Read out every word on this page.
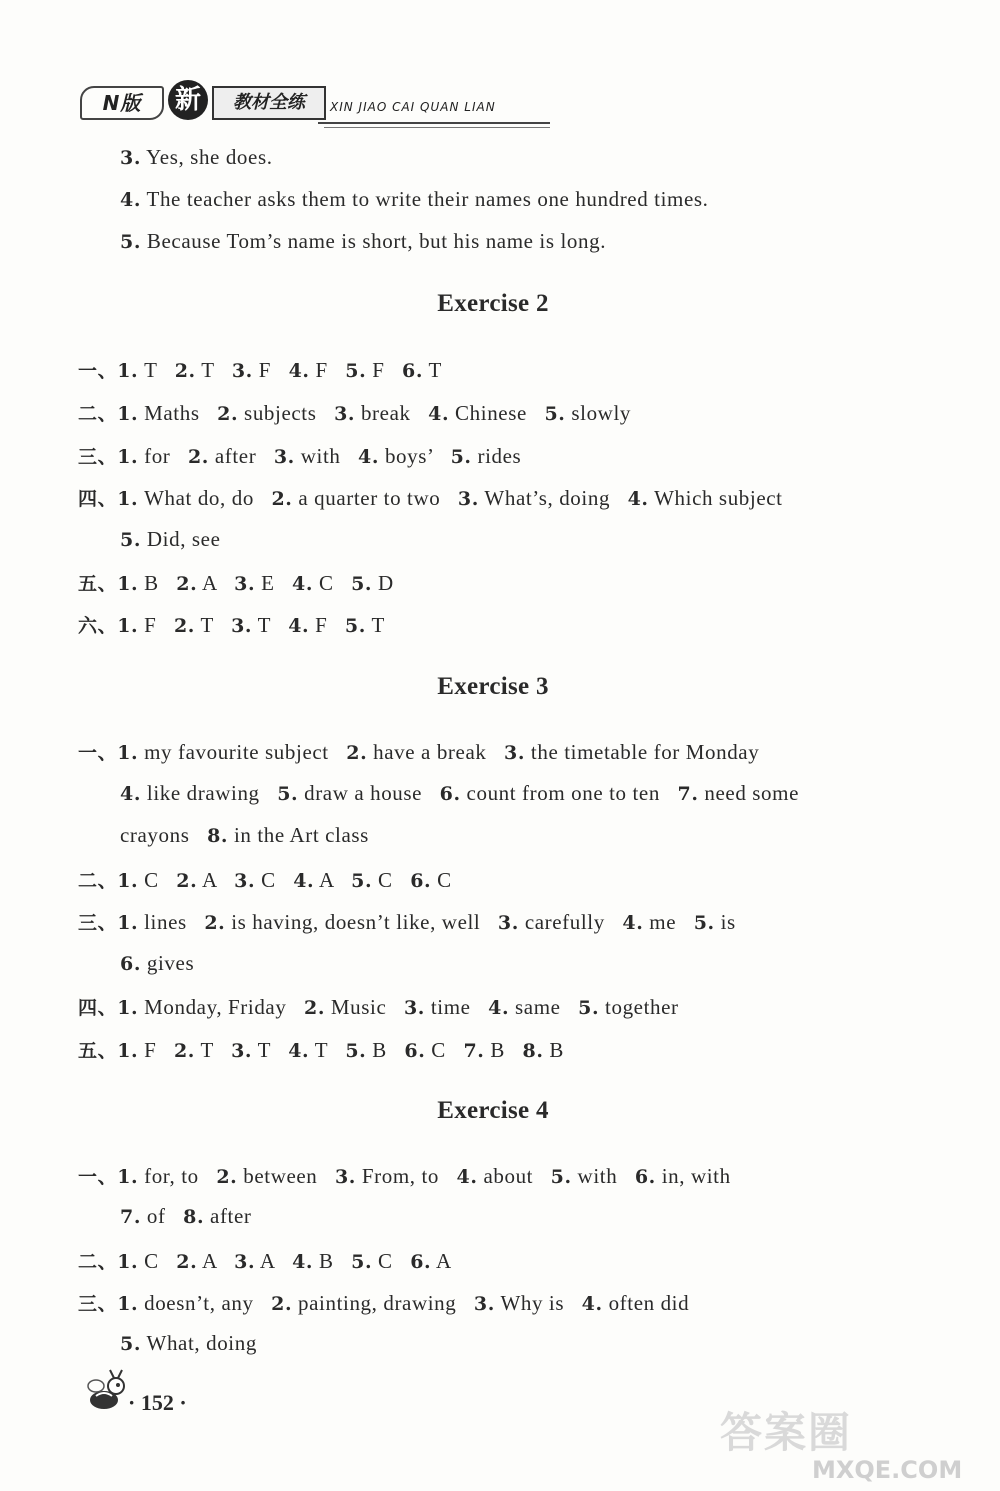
N版	新	教材全练	XIN JIAO CAI QUAN LIAN
Exercise 2
Exercise 3
Exercise 4
3. Yes, she does.
4. The teacher asks them to write their names one hundred times.
5. Because Tom’s name is short, but his name is long.
一、1. T   2. T   3. F   4. F   5. F   6. T
二、1. Maths   2. subjects   3. break   4. Chinese   5. slowly
三、1. for   2. after   3. with   4. boys’   5. rides
四、1. What do, do   2. a quarter to two   3. What’s, doing   4. Which subject
5. Did, see
五、1. B   2. A   3. E   4. C   5. D
六、1. F   2. T   3. T   4. F   5. T
一、1. my favourite subject   2. have a break   3. the timetable for Monday
4. like drawing   5. draw a house   6. count from one to ten   7. need some
crayons   8. in the Art class
二、1. C   2. A   3. C   4. A   5. C   6. C
三、1. lines   2. is having, doesn’t like, well   3. carefully   4. me   5. is
6. gives
四、1. Monday, Friday   2. Music   3. time   4. same   5. together
五、1. F   2. T   3. T   4. T   5. B   6. C   7. B   8. B
一、1. for, to   2. between   3. From, to   4. about   5. with   6. in, with
7. of   8. after
二、1. C   2. A   3. A   4. B   5. C   6. A
三、1. doesn’t, any   2. painting, drawing   3. Why is   4. often did
5. What, doing
· 152 ·
答案圈
MXQE.COM
